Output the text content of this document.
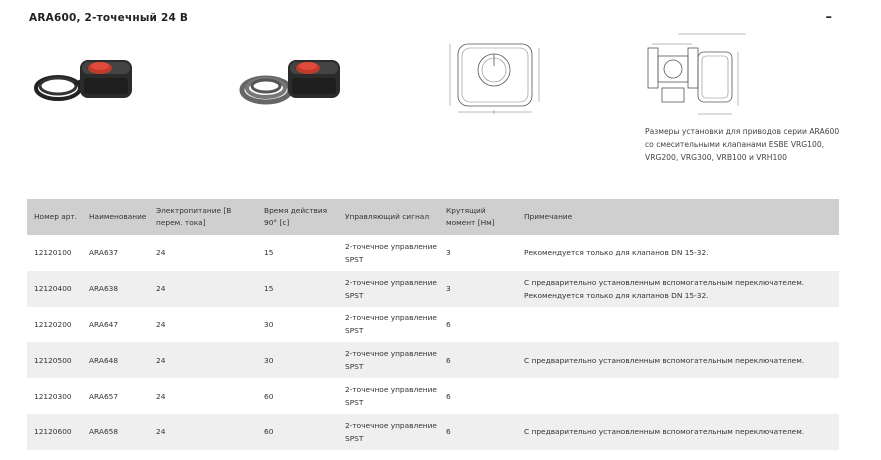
ARA600, 2-точечный 24 В	–
Размеры установки для приводов серии ARA600 со смесительными клапанами ESBE VRG100, VRG200, VRG300, VRB100 и VRH100
Номер арт.	Наименование	Электропитание [В перем. тока]	Время действия 90° [с]	Управляющий сигнал	Крутящий момент [Нм]	Примечание
12120100	ARA637	24	15	2-точечное управление SPST	3	Рекомендуется только для клапанов DN 15-32.
12120400	ARA638	24	15	2-точечное управление SPST	3	С предварительно установленным вспомогательным переключателем. Рекомендуется только для клапанов DN 15-32.
12120200	ARA647	24	30	2-точечное управление SPST	6	
12120500	ARA648	24	30	2-точечное управление SPST	6	С предварительно установленным вспомогательным переключателем.
12120300	ARA657	24	60	2-точечное управление SPST	6	
12120600	ARA658	24	60	2-точечное управление SPST	6	С предварительно установленным вспомогательным переключателем.
